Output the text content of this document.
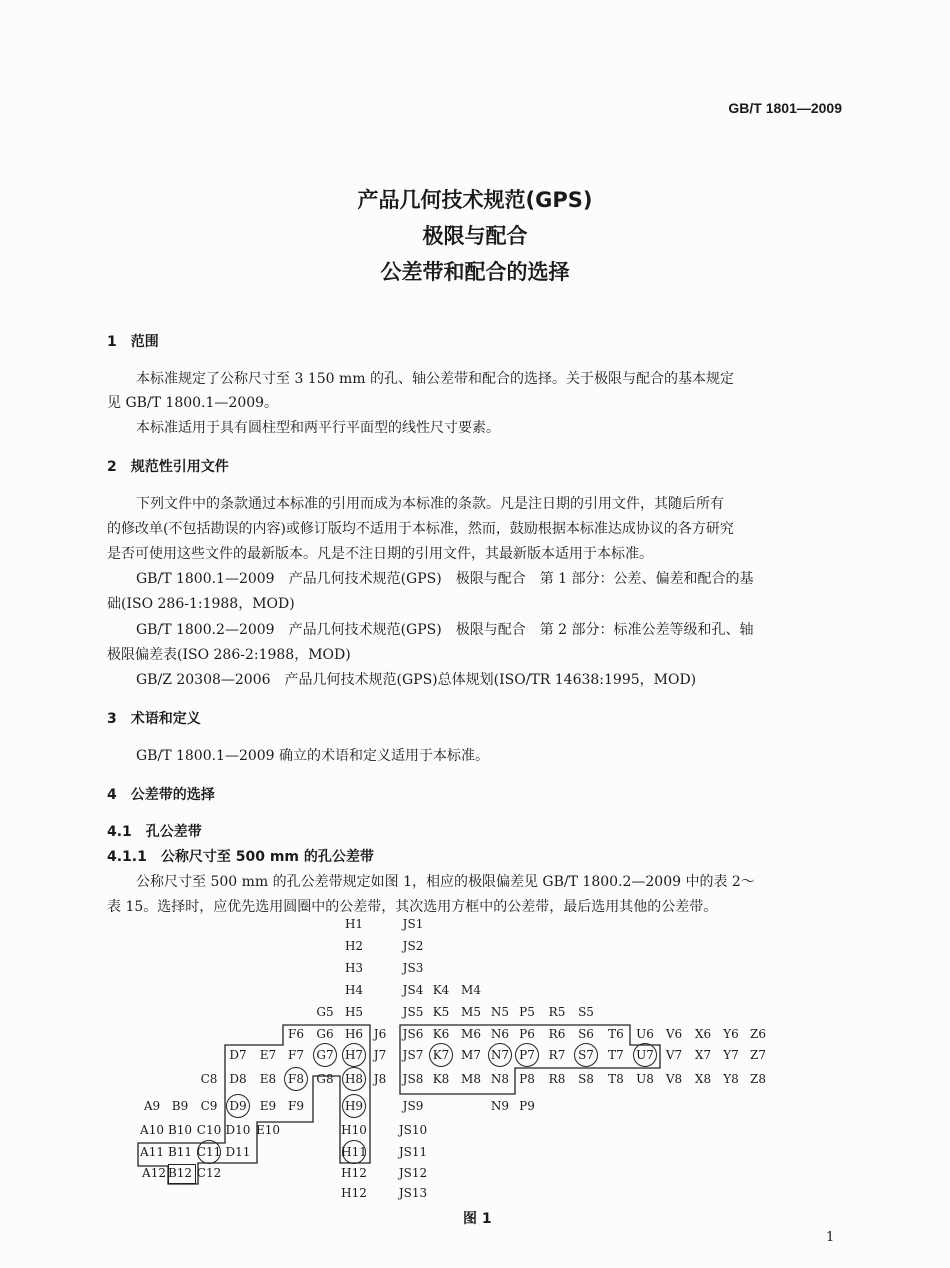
GB/T 1801—2009
产品几何技术规范(GPS)
极限与配合
公差带和配合的选择
1　范围
本标准规定了公称尺寸至 3 150 mm 的孔、轴公差带和配合的选择。关于极限与配合的基本规定
见 GB/T 1800.1—2009。
本标准适用于具有圆柱型和两平行平面型的线性尺寸要素。
2　规范性引用文件
下列文件中的条款通过本标准的引用而成为本标准的条款。凡是注日期的引用文件，其随后所有
的修改单(不包括勘误的内容)或修订版均不适用于本标准，然而，鼓励根据本标准达成协议的各方研究
是否可使用这些文件的最新版本。凡是不注日期的引用文件，其最新版本适用于本标准。
GB/T 1800.1—2009　产品几何技术规范(GPS)　极限与配合　第 1 部分：公差、偏差和配合的基
础(ISO 286-1:1988，MOD)
GB/T 1800.2—2009　产品几何技术规范(GPS)　极限与配合　第 2 部分：标准公差等级和孔、轴
极限偏差表(ISO 286-2:1988，MOD)
GB/Z 20308—2006　产品几何技术规范(GPS)总体规划(ISO/TR 14638:1995，MOD)
3　术语和定义
GB/T 1800.1—2009 确立的术语和定义适用于本标准。
4　公差带的选择
4.1　孔公差带
4.1.1　公称尺寸至 500 mm 的孔公差带
公称尺寸至 500 mm 的孔公差带规定如图 1，相应的极限偏差见 GB/T 1800.2—2009 中的表 2～
表 15。选择时，应优先选用圆圈中的公差带，其次选用方框中的公差带，最后选用其他的公差带。
H1	JS1
H2	JS2
H3	JS3
H4	JS4 K4 M4
G5 H5	JS5 K5 M5 N5 P5	R5	S5
F6	G6 H6 J6	JS6 K6 M6 N6 P6	R6	S6	T6	U6 V6	X6	Y6 Z6
D7	E7 F7	G7 H7 J7	JS7 K7 M7 N7 P7	R7	S7	T7	U7 V7	X7	Y7 Z7
C8 D8	E8 F8	G8 H8 J8	JS8 K8 M8 N8 P8	R8	S8	T8	U8 V8	X8	Y8 Z8
A9 B9	C9 D9	E9 F9	H9	JS9	N9 P9
A10 B10 C10 D10 E10	H10	JS10
A11 B11 C11 D11	H11	JS11
A12 B12 C12	H12	JS12
H12	JS13
图 1
1
